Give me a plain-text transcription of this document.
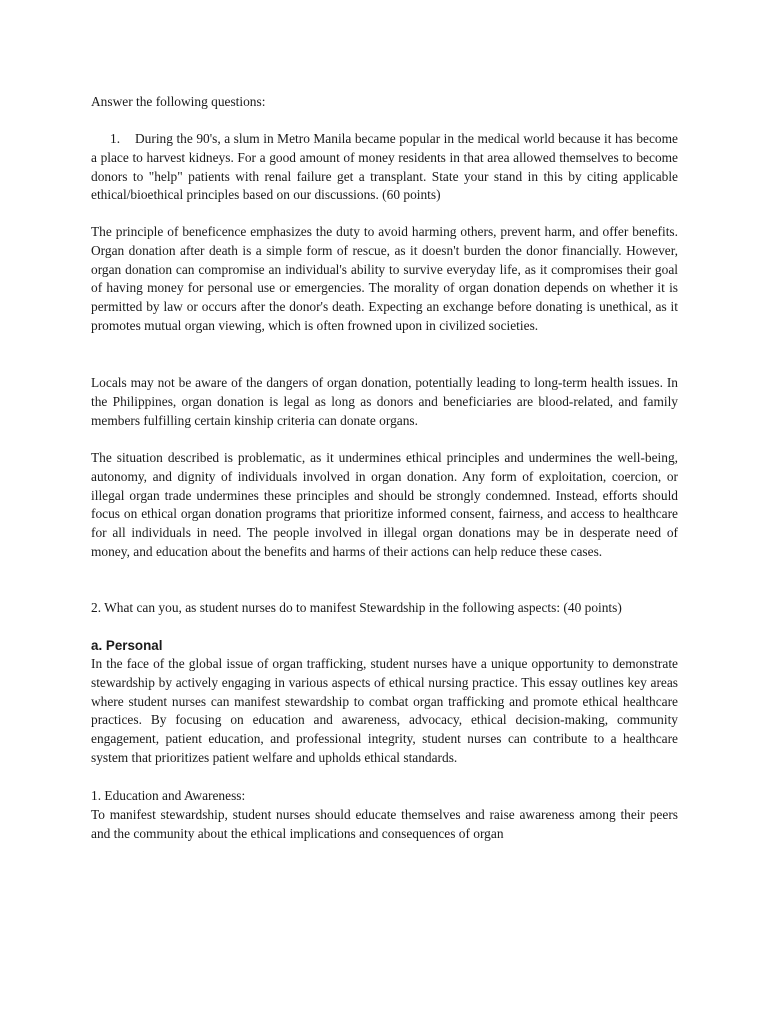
Answer the following questions:

1. During the 90's, a slum in Metro Manila became popular in the medical world because it has become a place to harvest kidneys. For a good amount of money residents in that area allowed themselves to become donors to "help" patients with renal failure get a transplant. State your stand in this by citing applicable ethical/bioethical principles based on our discussions. (60 points)

The principle of beneficence emphasizes the duty to avoid harming others, prevent harm, and offer benefits. Organ donation after death is a simple form of rescue, as it doesn't burden the donor financially. However, organ donation can compromise an individual's ability to survive everyday life, as it compromises their goal of having money for personal use or emergencies. The morality of organ donation depends on whether it is permitted by law or occurs after the donor's death. Expecting an exchange before donating is unethical, as it promotes mutual organ viewing, which is often frowned upon in civilized societies.

Locals may not be aware of the dangers of organ donation, potentially leading to long-term health issues. In the Philippines, organ donation is legal as long as donors and beneficiaries are blood-related, and family members fulfilling certain kinship criteria can donate organs.

The situation described is problematic, as it undermines ethical principles and undermines the well-being, autonomy, and dignity of individuals involved in organ donation. Any form of exploitation, coercion, or illegal organ trade undermines these principles and should be strongly condemned. Instead, efforts should focus on ethical organ donation programs that prioritize informed consent, fairness, and access to healthcare for all individuals in need. The people involved in illegal organ donations may be in desperate need of money, and education about the benefits and harms of their actions can help reduce these cases.

2. What can you, as student nurses do to manifest Stewardship in the following aspects: (40 points)
a. Personal

In the face of the global issue of organ trafficking, student nurses have a unique opportunity to demonstrate stewardship by actively engaging in various aspects of ethical nursing practice. This essay outlines key areas where student nurses can manifest stewardship to combat organ trafficking and promote ethical healthcare practices. By focusing on education and awareness, advocacy, ethical decision-making, community engagement, patient education, and professional integrity, student nurses can contribute to a healthcare system that prioritizes patient welfare and upholds ethical standards.

1. Education and Awareness:

To manifest stewardship, student nurses should educate themselves and raise awareness among their peers and the community about the ethical implications and consequences of organ
